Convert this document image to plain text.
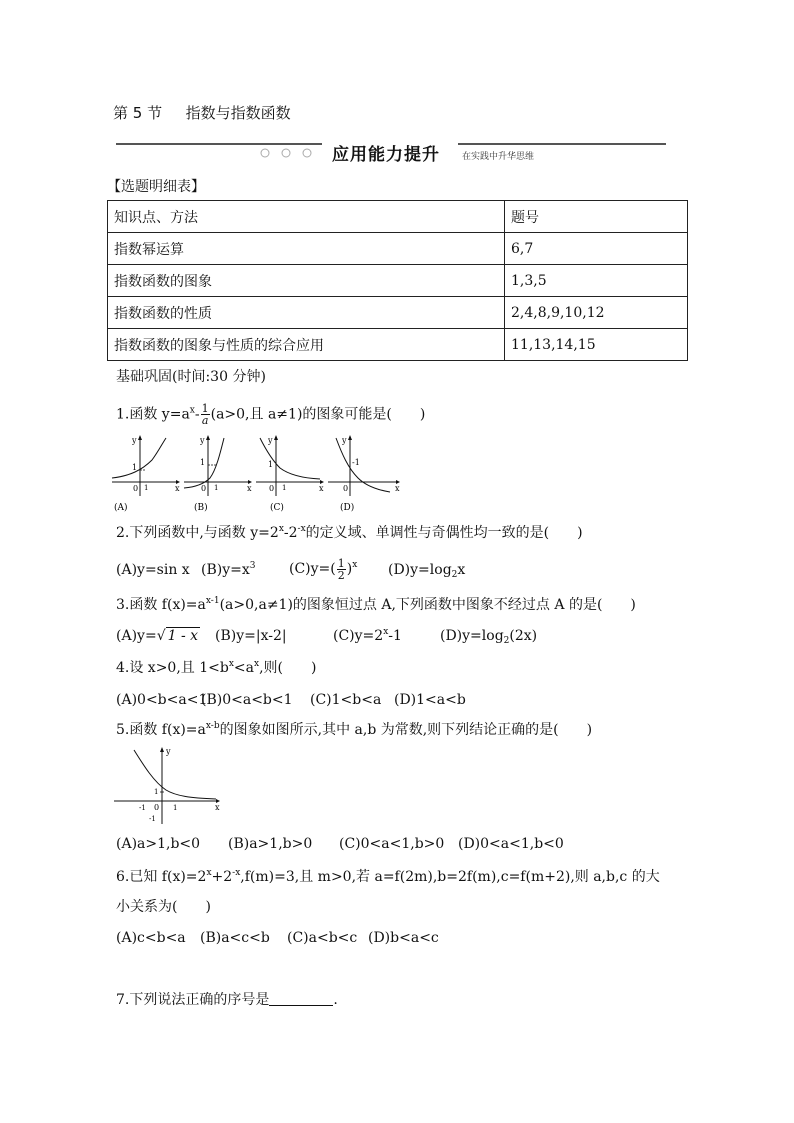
第 5 节 指数与指数函数
应用能力提升 在实践中升华思维
【选题明细表】
知识点、方法	题号
指数幂运算	6,7
指数函数的图象	1,3,5
指数函数的性质	2,4,8,9,10,12
指数函数的图象与性质的综合应用	11,13,14,15
基础巩固(时间:30 分钟)
1.函数 $y=a^x- \frac{1}{a} (a>0$,且 a≠1)的图象可能是(　　)
y
x
0
1
1
(A)
y
x
0
1
1
(B)
y
x
0
1
1
(C)
y
x
0
-1
(D)
2.下列函数中,与函数 $y=2^x-2^{-x}$的定义域、单调性与奇偶性均一致的是(　　)
(A)y=sin x $(B)y=x^3$ $(C)y=( \frac{1}{2} )^x$ $(D)y=\log_2x$
3.函数 $f(x)=a^{x-1}(a>0,a\ne 1)$的图象恒过点 A,下列函数中图象不经过点 A 的是(　　)
(A)y=√ 1 - x (B)y=|x-2|	$(C)y=2^x-1$	$(D)y=\log_2(2x)$
4.设 x>0,且 $1<b^x<a^x$,则(　　)
(A)0<b<a<1
(B)0<a<b<1 (C)1<b<a (D)1<a<b
5.函数 $f(x)=a^{x-b}$的图象如图所示,其中 a,b 为常数,则下列结论正确的是(　　)
y
x
0
-1	1
1
-1
(A)a>1,b<0 (B)a>1,b>0 (C)0<a<1,b>0 (D)0<a<1,b<0
6.已知 $f(x)=2^x+2^{-x},f(m)=3$,且 m>0,若 a=f(2m),b=2f(m),c=f(m+2),则 a,b,c 的大
小关系为(　　)
(A)c<b<a (B)a<c<b (C)a<b<c (D)b<a<c
7.下列说法正确的序号是	.
